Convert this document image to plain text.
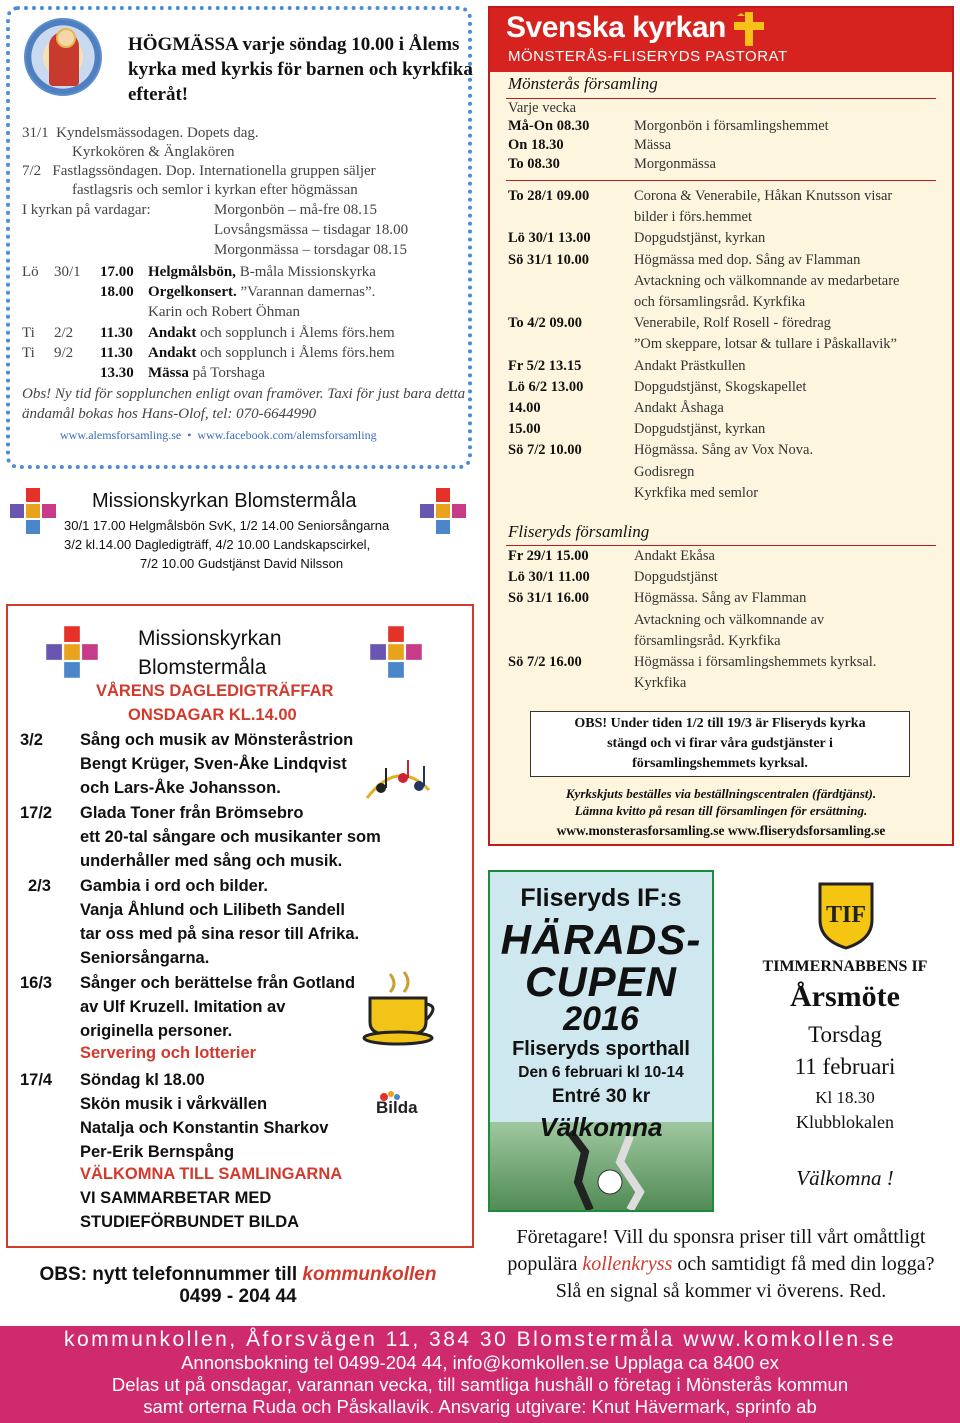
HÖGMÄSSA varje söndag 10.00 i Ålems kyrka med kyrkis för barnen och kyrkfika efteråt!
31/1 Kyndelsmässodagen. Dopets dag.
Kyrkokören & Änglakören
7/2 Fastlagssöndagen. Dop. Internationella gruppen säljer
fastlagsris och semlor i kyrkan efter högmässan
I kyrkan på vardagar:	Morgonbön – må-fre 08.15
Lovsångsmässa – tisdagar 18.00
Morgonmässa – torsdagar 08.15
Lö 30/1 17.00 Helgmålsbön, B-måla Missionskyrka
18.00 Orgelkonsert. ”Varannan damernas”.
Karin och Robert Öhman
Ti 2/2 11.30 Andakt och sopplunch i Ålems förs.hem
Ti 9/2 11.30 Andakt och sopplunch i Ålems förs.hem
13.30 Mässa på Torshaga
Obs! Ny tid för sopplunchen enligt ovan framöver. Taxi för just bara detta
ändamål bokas hos Hans-Olof, tel: 070-6644990
www.alemsforsamling.se  •  www.facebook.com/alemsforsamling
Missionskyrkan Blomstermåla
30/1 17.00 Helgmålsbön SvK, 1/2 14.00 Seniorsångarna
3/2 kl.14.00 Dagledigträff, 4/2 10.00 Landskapscirkel,
7/2 10.00 Gudstjänst David Nilsson
Missionskyrkan
Blomstermåla
VÅRENS DAGLEDIGTRÄFFAR
ONSDAGAR KL.14.00
3/2 Sång och musik av Mönsteråstrion
Bengt Krüger, Sven-Åke Lindqvist
och Lars-Åke Johansson.
17/2 Glada Toner från Brömsebro
ett 20-tal sångare och musikanter som
underhåller med sång och musik.
2/3 Gambia i ord och bilder.
Vanja Åhlund och Lilibeth Sandell
tar oss med på sina resor till Afrika.
Seniorsångarna.
16/3 Sånger och berättelse från Gotland
av Ulf Kruzell. Imitation av
originella personer.
Servering och lotterier
17/4 Söndag kl 18.00
Skön musik i vårkvällen
Natalja och Konstantin Sharkov
Per-Erik Bernspång
VÄLKOMNA TILL SAMLINGARNA
VI SAMMARBETAR MED
STUDIEFÖRBUNDET BILDA
Bilda
OBS: nytt telefonnummer till kommunkollen
0499 - 204 44
Svenska kyrkan
MÖNSTERÅS-FLISERYDS PASTORAT
Mönsterås församling
Varje vecka
Må-On 08.30	Morgonbön i församlingshemmet
On 18.30	Mässa
To 08.30	Morgonmässa
To 28/1 09.00	Corona & Venerabile, Håkan Knutsson visar
bilder i förs.hemmet
Lö 30/1 13.00	Dopgudstjänst, kyrkan
Sö 31/1 10.00	Högmässa med dop. Sång av Flamman
Avtackning och välkomnande av medarbetare
och församlingsråd. Kyrkfika
To 4/2 09.00	Venerabile, Rolf Rosell - föredrag
”Om skeppare, lotsar & tullare i Påskallavik”
Fr 5/2 13.15	Andakt Prästkullen
Lö 6/2 13.00	Dopgudstjänst, Skogskapellet
14.00	Andakt Åshaga
15.00	Dopgudstjänst, kyrkan
Sö 7/2 10.00	Högmässa. Sång av Vox Nova.
Godisregn
Kyrkfika med semlor
Fliseryds församling
Fr 29/1 15.00	Andakt Ekåsa
Lö 30/1 11.00	Dopgudstjänst
Sö 31/1 16.00	Högmässa. Sång av Flamman
Avtackning och välkomnande av
församlingsråd. Kyrkfika
Sö 7/2 16.00	Högmässa i församlingshemmets kyrksal.
Kyrkfika
OBS! Under tiden 1/2 till 19/3 är Fliseryds kyrka
stängd och vi firar våra gudstjänster i
församlingshemmets kyrksal.
Kyrkskjuts beställes via beställningscentralen (färdtjänst).
Lämna kvitto på resan till församlingen för ersättning.
www.monsterasforsamling.se www.fliserydsforsamling.se
Fliseryds IF:s
HÄRADS-
CUPEN
2016
Fliseryds sporthall
Den 6 februari kl 10-14
Entré 30 kr
Välkomna
TIF
TIMMERNABBENS IF
Årsmöte
Torsdag
11 februari
Kl 18.30
Klubblokalen
Välkomna !
Företagare! Vill du sponsra priser till vårt omåttligt
populära kollenkryss och samtidigt få med din logga?
Slå en signal så kommer vi överens. Red.
kommunkollen, Åforsvägen 11, 384 30 Blomstermåla www.komkollen.se
Annonsbokning tel 0499-204 44, info@komkollen.se Upplaga ca 8400 ex
Delas ut på onsdagar, varannan vecka, till samtliga hushåll o företag i Mönsterås kommun
samt orterna Ruda och Påskallavik. Ansvarig utgivare: Knut Hävermark, sprinfo ab
